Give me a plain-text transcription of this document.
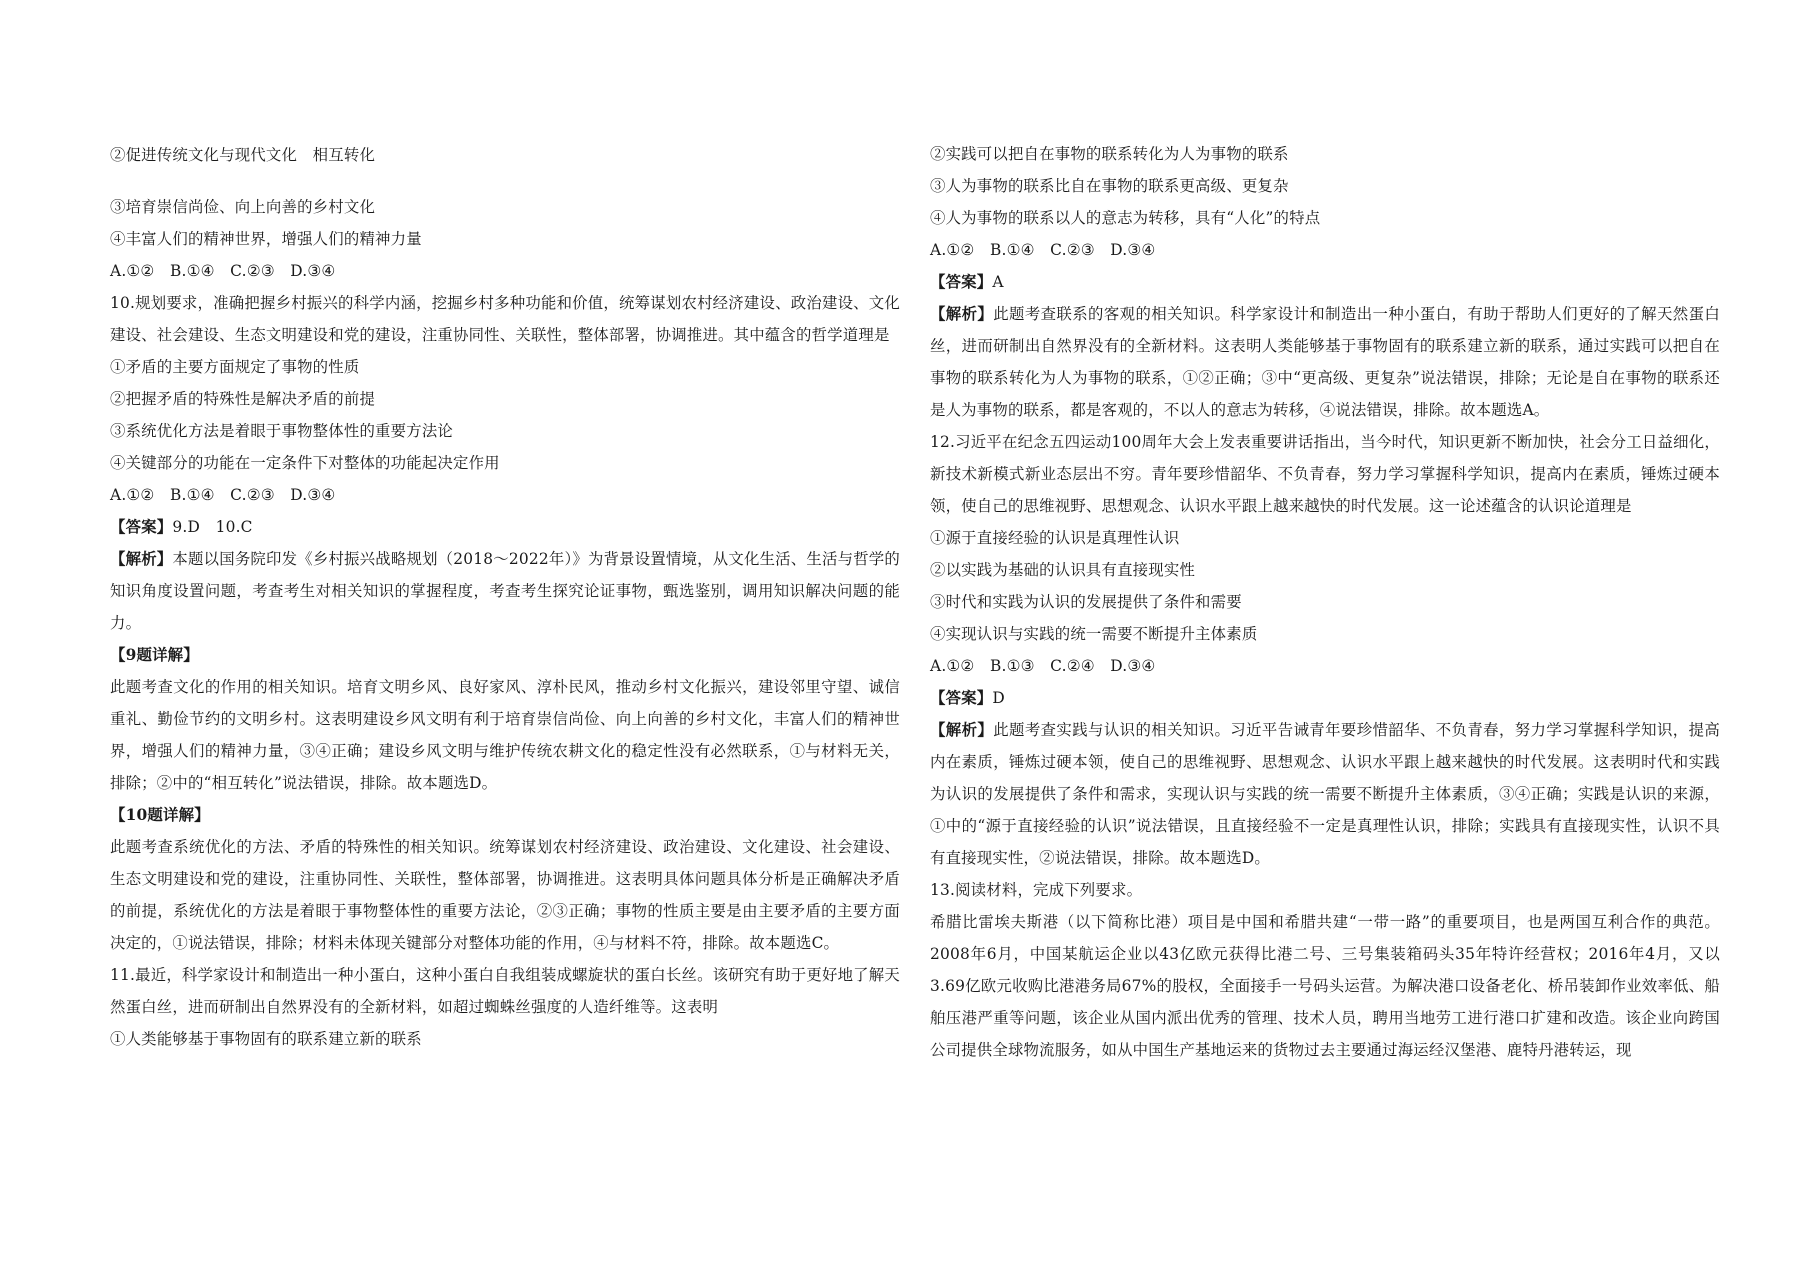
②促进传统文化与现代文化　相互转化

③培育崇信尚俭、向上向善的乡村文化

④丰富人们的精神世界，增强人们的精神力量

A.①②　B.①④　C.②③　D.③④

10.规划要求，准确把握乡村振兴的科学内涵，挖掘乡村多种功能和价值，统筹谋划农村经济建设、政治建设、文化建设、社会建设、生态文明建设和党的建设，注重协同性、关联性，整体部署，协调推进。其中蕴含的哲学道理是

①矛盾的主要方面规定了事物的性质

②把握矛盾的特殊性是解决矛盾的前提

③系统优化方法是着眼于事物整体性的重要方法论

④关键部分的功能在一定条件下对整体的功能起决定作用

A.①②　B.①④　C.②③　D.③④

【答案】9.D　10.C

【解析】本题以国务院印发《乡村振兴战略规划（2018～2022年）》为背景设置情境，从文化生活、生活与哲学的知识角度设置问题，考查考生对相关知识的掌握程度，考查考生探究论证事物，甄选鉴别，调用知识解决问题的能力。

【9题详解】

此题考查文化的作用的相关知识。培育文明乡风、良好家风、淳朴民风，推动乡村文化振兴，建设邻里守望、诚信重礼、勤俭节约的文明乡村。这表明建设乡风文明有利于培育崇信尚俭、向上向善的乡村文化，丰富人们的精神世界，增强人们的精神力量，③④正确；建设乡风文明与维护传统农耕文化的稳定性没有必然联系，①与材料无关，排除；②中的“相互转化”说法错误，排除。故本题选D。

【10题详解】

此题考查系统优化的方法、矛盾的特殊性的相关知识。统筹谋划农村经济建设、政治建设、文化建设、社会建设、生态文明建设和党的建设，注重协同性、关联性，整体部署，协调推进。这表明具体问题具体分析是正确解决矛盾的前提，系统优化的方法是着眼于事物整体性的重要方法论，②③正确；事物的性质主要是由主要矛盾的主要方面决定的，①说法错误，排除；材料未体现关键部分对整体功能的作用，④与材料不符，排除。故本题选C。

11.最近，科学家设计和制造出一种小蛋白，这种小蛋白自我组装成螺旋状的蛋白长丝。该研究有助于更好地了解天然蛋白丝，进而研制出自然界没有的全新材料，如超过蜘蛛丝强度的人造纤维等。这表明

①人类能够基于事物固有的联系建立新的联系

②实践可以把自在事物的联系转化为人为事物的联系

③人为事物的联系比自在事物的联系更高级、更复杂

④人为事物的联系以人的意志为转移，具有“人化”的特点

A.①②　B.①④　C.②③　D.③④

【答案】A

【解析】此题考查联系的客观的相关知识。科学家设计和制造出一种小蛋白，有助于帮助人们更好的了解天然蛋白丝，进而研制出自然界没有的全新材料。这表明人类能够基于事物固有的联系建立新的联系，通过实践可以把自在事物的联系转化为人为事物的联系，①②正确；③中“更高级、更复杂”说法错误，排除；无论是自在事物的联系还是人为事物的联系，都是客观的，不以人的意志为转移，④说法错误，排除。故本题选A。

12.习近平在纪念五四运动100周年大会上发表重要讲话指出，当今时代，知识更新不断加快，社会分工日益细化，新技术新模式新业态层出不穷。青年要珍惜韶华、不负青春，努力学习掌握科学知识，提高内在素质，锤炼过硬本领，使自己的思维视野、思想观念、认识水平跟上越来越快的时代发展。这一论述蕴含的认识论道理是

①源于直接经验的认识是真理性认识

②以实践为基础的认识具有直接现实性

③时代和实践为认识的发展提供了条件和需要

④实现认识与实践的统一需要不断提升主体素质

A.①②　B.①③　C.②④　D.③④

【答案】D

【解析】此题考查实践与认识的相关知识。习近平告诫青年要珍惜韶华、不负青春，努力学习掌握科学知识，提高内在素质，锤炼过硬本领，使自己的思维视野、思想观念、认识水平跟上越来越快的时代发展。这表明时代和实践为认识的发展提供了条件和需求，实现认识与实践的统一需要不断提升主体素质，③④正确；实践是认识的来源，①中的“源于直接经验的认识”说法错误，且直接经验不一定是真理性认识，排除；实践具有直接现实性，认识不具有直接现实性，②说法错误，排除。故本题选D。

13.阅读材料，完成下列要求。

希腊比雷埃夫斯港（以下简称比港）项目是中国和希腊共建“一带一路”的重要项目，也是两国互利合作的典范。2008年6月，中国某航运企业以43亿欧元获得比港二号、三号集装箱码头35年特许经营权；2016年4月，又以3.69亿欧元收购比港港务局67%的股权，全面接手一号码头运营。为解决港口设备老化、桥吊装卸作业效率低、船舶压港严重等问题，该企业从国内派出优秀的管理、技术人员，聘用当地劳工进行港口扩建和改造。该企业向跨国公司提供全球物流服务，如从中国生产基地运来的货物过去主要通过海运经汉堡港、鹿特丹港转运，现
